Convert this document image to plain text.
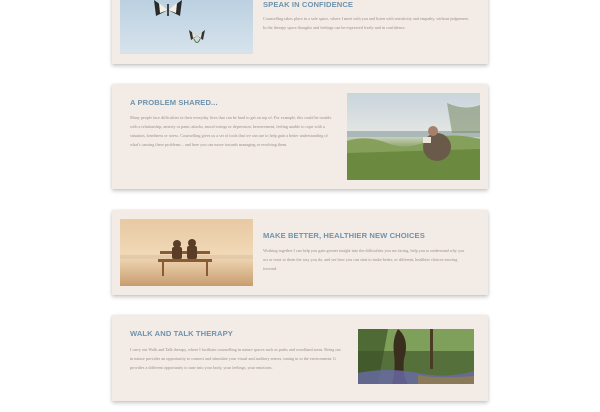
SPEAK IN CONFIDENCE

Counselling takes place in a safe space, where I meet with you and listen with sensitivity and empathy, without judgement. In the therapy space thoughts and feelings can be expressed freely and in confidence.

A PROBLEM SHARED...

Many people face difficulties in their everyday lives that can be hard to get on top of. For example, this could be trouble with a relationship, anxiety or panic attacks, mood swings or depression, bereavement, feeling unable to cope with a situation, loneliness or stress. Counselling gives us a set of tools that we can use to help gain a better understanding of what's causing these problems – and here you can move towards managing or resolving them.

MAKE BETTER, HEALTHIER NEW CHOICES

Working together I can help you gain greater insight into the difficulties you are facing, help you to understand why you act or react to them the way you do, and see how you can start to make better, or different, healthier choices moving forward.

WALK AND TALK THERAPY

I carry out Walk and Talk therapy, where I facilitate counselling in nature spaces such as parks and woodland areas. Being out in nature provides an opportunity to connect and stimulate your visual and auditory senses, tuning in to the environment. It provides a different opportunity to tune into your body, your feelings, your emotions.
